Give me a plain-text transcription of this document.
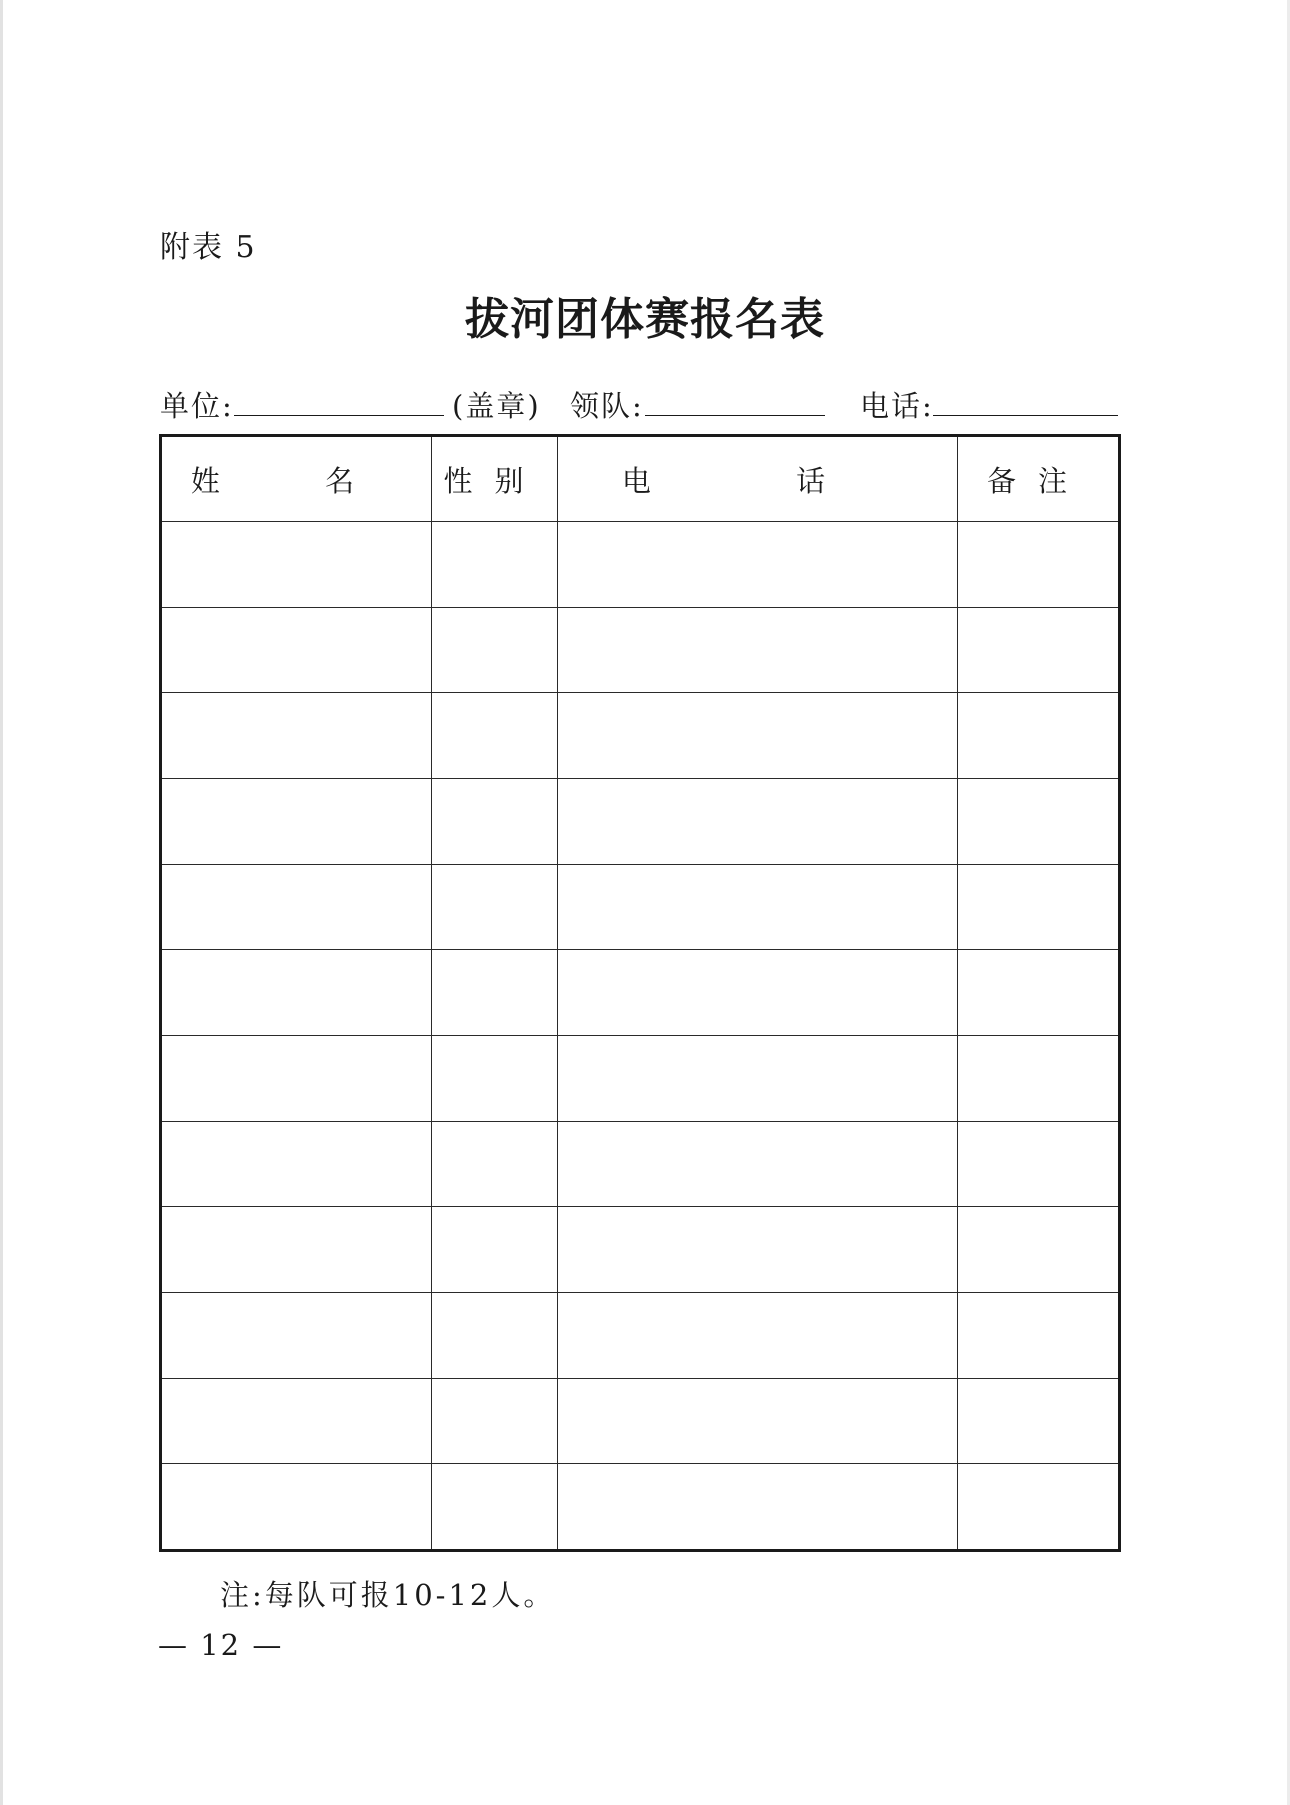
附表 5
拔河团体赛报名表
单位:	(盖章) 领队:	电话:
姓 名	性别	电 话	备注

注:每队可报10-12人。
— 12 —
